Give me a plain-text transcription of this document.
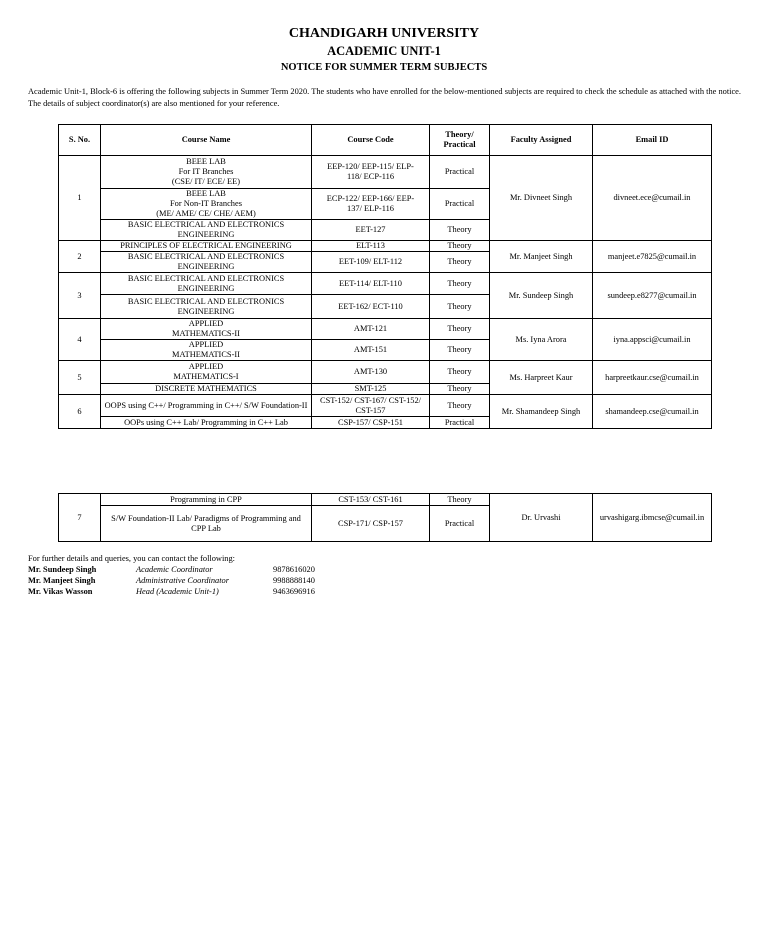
CHANDIGARH UNIVERSITY
ACADEMIC UNIT-1
NOTICE FOR SUMMER TERM SUBJECTS
Academic Unit-1, Block-6 is offering the following subjects in Summer Term 2020. The students who have enrolled for the below-mentioned subjects are required to check the schedule as attached with the notice. The details of subject coordinator(s) are also mentioned for your reference.
S. No.	Course Name	Course Code	Theory/ Practical	Faculty Assigned	Email ID
1	BEEE LAB
For IT Branches
(CSE/ IT/ ECE/ EE)	EEP-120/ EEP-115/ ELP-118/ ECP-116	Practical	Mr. Divneet Singh	divneet.ece@cumail.in
	BEEE LAB
For Non-IT Branches
(ME/ AME/ CE/ CHE/ AEM)	ECP-122/ EEP-166/ EEP-137/ ELP-116	Practical		
	BASIC ELECTRICAL AND ELECTRONICS ENGINEERING	EET-127	Theory		
2	PRINCIPLES OF ELECTRICAL ENGINEERING	ELT-113	Theory	Mr. Manjeet Singh	manjeet.e7825@cumail.in
	BASIC ELECTRICAL AND ELECTRONICS ENGINEERING	EET-109/ ELT-112	Theory		
3	BASIC ELECTRICAL AND ELECTRONICS ENGINEERING	EET-114/ ELT-110	Theory	Mr. Sundeep Singh	sundeep.e8277@cumail.in
	BASIC ELECTRICAL AND ELECTRONICS ENGINEERING	EET-162/ ECT-110	Theory		
4	APPLIED
MATHEMATICS-II	AMT-121	Theory	Ms. Iyna Arora	iyna.appsci@cumail.in
	APPLIED
MATHEMATICS-II	AMT-151	Theory		
5	APPLIED
MATHEMATICS-I	AMT-130	Theory	Ms. Harpreet Kaur	harpreetkaur.cse@cumail.in
	DISCRETE MATHEMATICS	SMT-125	Theory		
6	OOPS using C++/ Programming in C++/ S/W Foundation-II	CST-152/ CST-167/ CST-152/ CST-157	Theory	Mr. Shamandeep Singh	shamandeep.cse@cumail.in
	OOPs using C++ Lab/ Programming in C++ Lab	CSP-157/ CSP-151	Practical		
7	Programming in CPP	CST-153/ CST-161	Theory	Dr. Urvashi	urvashigarg.ibmcse@cumail.in
	S/W Foundation-II Lab/ Paradigms of Programming and CPP Lab	CSP-171/ CSP-157	Practical		
For further details and queries, you can contact the following:
Mr. Sundeep Singh	Academic Coordinator	9878616020
Mr. Manjeet Singh	Administrative Coordinator	9988888140
Mr. Vikas Wasson	Head (Academic Unit-1)	9463696916
